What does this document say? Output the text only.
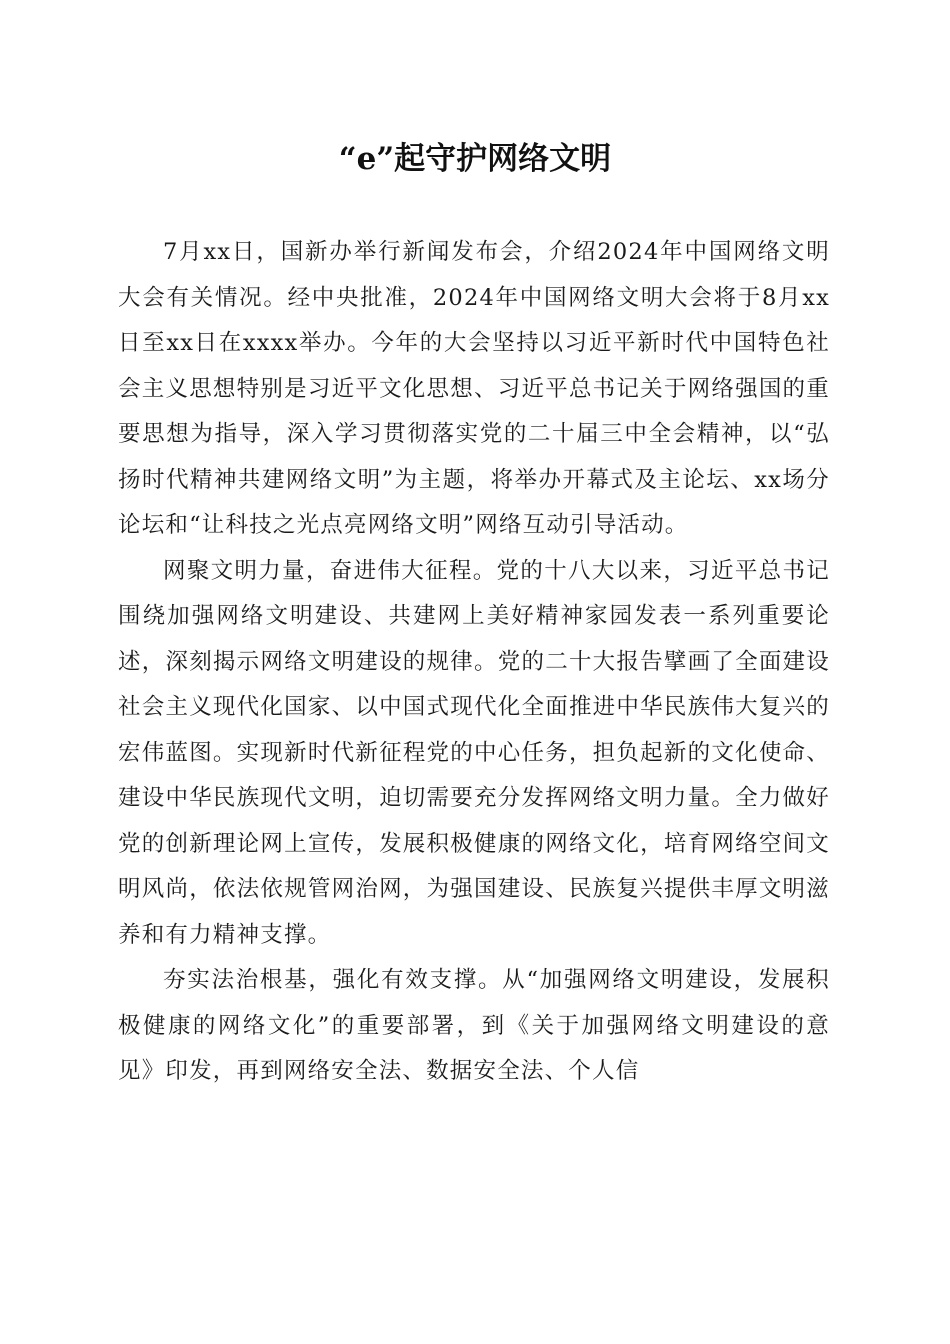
“e”起守护网络文明

7月xx日，国新办举行新闻发布会，介绍2024年中国网络文明大会有关情况。经中央批准，2024年中国网络文明大会将于8月xx日至xx日在xxxx举办。今年的大会坚持以习近平新时代中国特色社会主义思想特别是习近平文化思想、习近平总书记关于网络强国的重要思想为指导，深入学习贯彻落实党的二十届三中全会精神，以“弘扬时代精神共建网络文明”为主题，将举办开幕式及主论坛、xx场分论坛和“让科技之光点亮网络文明”网络互动引导活动。

网聚文明力量，奋进伟大征程。党的十八大以来，习近平总书记围绕加强网络文明建设、共建网上美好精神家园发表一系列重要论述，深刻揭示网络文明建设的规律。党的二十大报告擘画了全面建设社会主义现代化国家、以中国式现代化全面推进中华民族伟大复兴的宏伟蓝图。实现新时代新征程党的中心任务，担负起新的文化使命、建设中华民族现代文明，迫切需要充分发挥网络文明力量。全力做好党的创新理论网上宣传，发展积极健康的网络文化，培育网络空间文明风尚，依法依规管网治网，为强国建设、民族复兴提供丰厚文明滋养和有力精神支撑。

夯实法治根基，强化有效支撑。从“加强网络文明建设，发展积极健康的网络文化”的重要部署，到《关于加强网络文明建设的意见》印发，再到网络安全法、数据安全法、个人信
